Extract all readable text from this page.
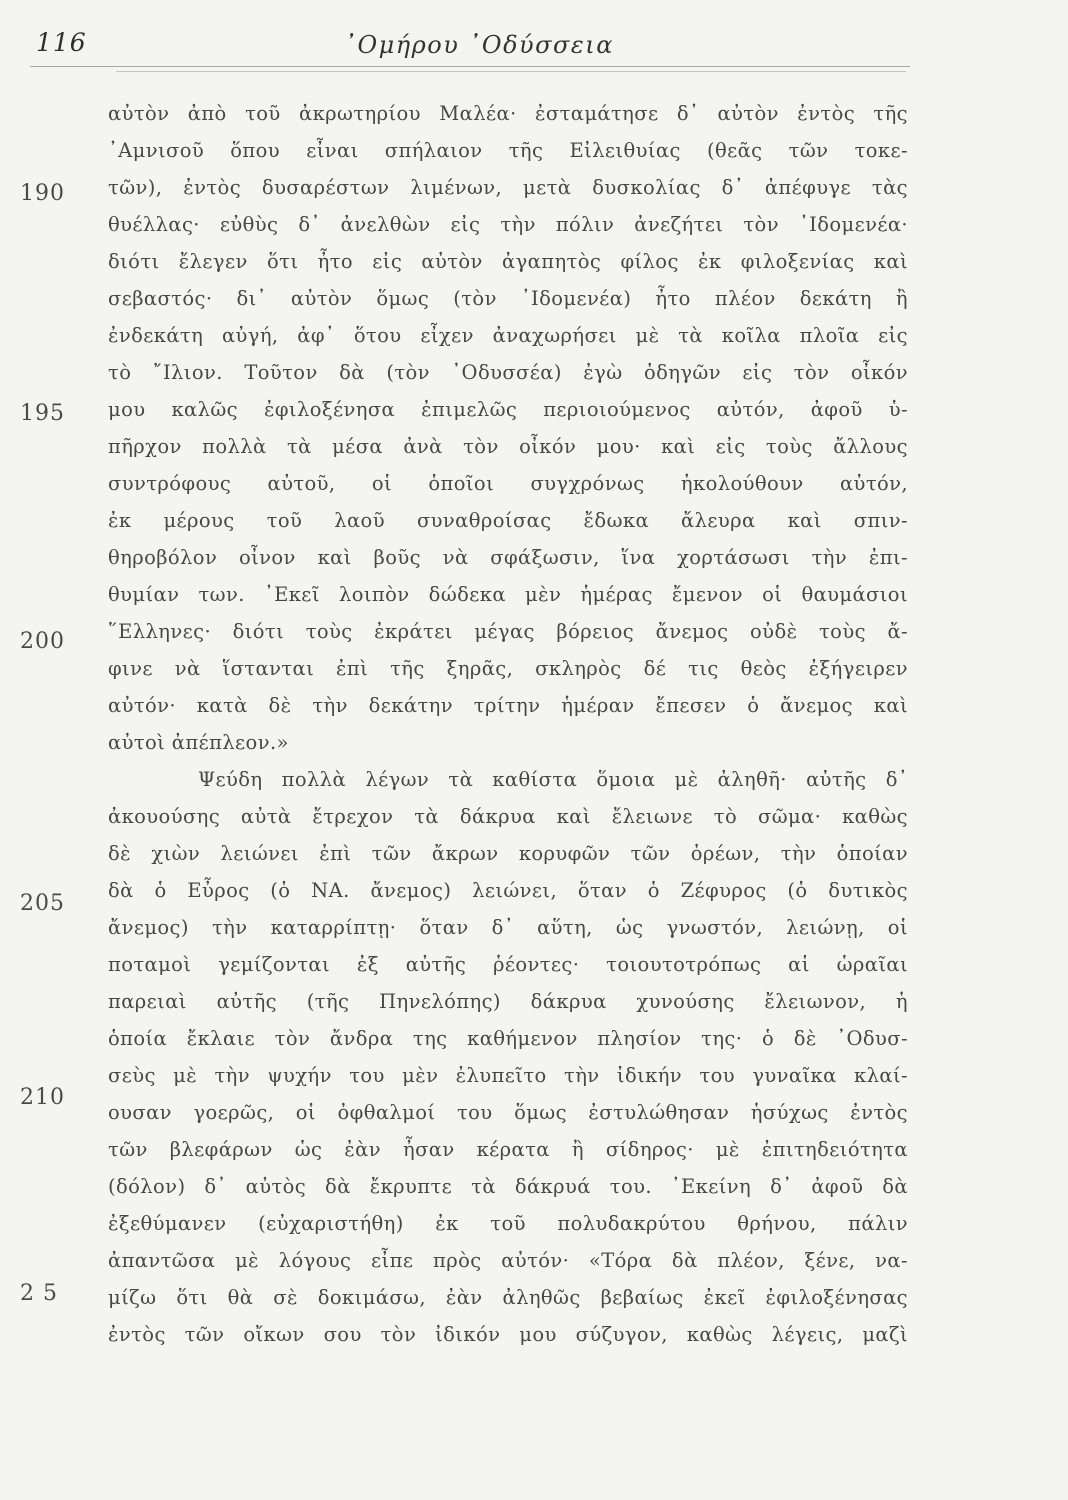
116	᾿Ομήρου ᾿Οδύσσεια
190
195
200
205
210
2 5
αὐτὸν ἀπὸ τοῦ ἀκρωτηρίου Μαλέα· ἐσταμάτησε δ᾿ αὐτὸν ἐντὸς τῆς
᾿Αμνισοῦ ὅπου εἶναι σπήλαιον τῆς Εἰλειθυίας (θεᾶς τῶν τοκε-
τῶν), ἐντὸς δυσαρέστων λιμένων, μετὰ δυσκολίας δ᾿ ἀπέφυγε τὰς
θυέλλας· εὐθὺς δ᾿ ἀνελθὼν εἰς τὴν πόλιν ἀνεζήτει τὸν ᾿Ιδομενέα·
διότι ἔλεγεν ὅτι ἦτο εἰς αὐτὸν ἀγαπητὸς φίλος ἐκ φιλοξενίας καὶ
σεβαστός· δι᾿ αὐτὸν ὅμως (τὸν ᾿Ιδομενέα) ἦτο πλέον δεκάτη ἢ
ἐνδεκάτη αὐγή, ἀφ᾿ ὅτου εἶχεν ἀναχωρήσει μὲ τὰ κοῖλα πλοῖα εἰς
τὸ ῎Ιλιον. Τοῦτον δὰ (τὸν ᾿Οδυσσέα) ἐγὼ ὁδηγῶν εἰς τὸν οἶκόν
μου καλῶς ἐφιλοξένησα ἐπιμελῶς περιοιούμενος αὐτόν, ἀφοῦ ὑ-
πῆρχον πολλὰ τὰ μέσα ἀνὰ τὸν οἶκόν μου· καὶ εἰς τοὺς ἄλλους
συντρόφους αὐτοῦ, οἱ ὁποῖοι συγχρόνως ἠκολούθουν αὐτόν,
ἐκ μέρους τοῦ λαοῦ συναθροίσας ἔδωκα ἄλευρα καὶ σπιν-
θηροβόλον οἶνον καὶ βοῦς νὰ σφάξωσιν, ἵνα χορτάσωσι τὴν ἐπι-
θυμίαν των. ᾿Εκεῖ λοιπὸν δώδεκα μὲν ἡμέρας ἔμενον οἱ θαυμάσιοι
῞Ελληνες· διότι τοὺς ἐκράτει μέγας βόρειος ἄνεμος οὐδὲ τοὺς ἄ-
φινε νὰ ἵστανται ἐπὶ τῆς ξηρᾶς, σκληρὸς δέ τις θεὸς ἐξήγειρεν
αὐτόν· κατὰ δὲ τὴν δεκάτην τρίτην ἡμέραν ἔπεσεν ὁ ἄνεμος καὶ
αὐτοὶ ἀπέπλεον.»
Ψεύδη πολλὰ λέγων τὰ καθίστα ὅμοια μὲ ἀληθῆ· αὐτῆς δ᾿
ἀκουούσης αὐτὰ ἔτρεχον τὰ δάκρυα καὶ ἔλειωνε τὸ σῶμα· καθὼς
δὲ χιὼν λειώνει ἐπὶ τῶν ἄκρων κορυφῶν τῶν ὀρέων, τὴν ὁποίαν
δὰ ὁ Εὖρος (ὁ ΝΑ. ἄνεμος) λειώνει, ὅταν ὁ Ζέφυρος (ὁ δυτικὸς
ἄνεμος) τὴν καταρρίπτῃ· ὅταν δ᾿ αὕτη, ὡς γνωστόν, λειώνῃ, οἱ
ποταμοὶ γεμίζονται ἐξ αὐτῆς ῥέοντες· τοιουτοτρόπως αἱ ὡραῖαι
παρειαὶ αὐτῆς (τῆς Πηνελόπης) δάκρυα χυνούσης ἔλειωνον, ἡ
ὁποία ἔκλαιε τὸν ἄνδρα της καθήμενον πλησίον της· ὁ δὲ ᾿Οδυσ-
σεὺς μὲ τὴν ψυχήν του μὲν ἐλυπεῖτο τὴν ἰδικήν του γυναῖκα κλαί-
ουσαν γοερῶς, οἱ ὀφθαλμοί του ὅμως ἐστυλώθησαν ἡσύχως ἐντὸς
τῶν βλεφάρων ὡς ἐὰν ἦσαν κέρατα ἢ σίδηρος· μὲ ἐπιτηδειότητα
(δόλον) δ᾿ αὐτὸς δὰ ἔκρυπτε τὰ δάκρυά του. ᾿Εκείνη δ᾿ ἀφοῦ δὰ
ἐξεθύμανεν (εὐχαριστήθη) ἐκ τοῦ πολυδακρύτου θρήνου, πάλιν
ἀπαντῶσα μὲ λόγους εἶπε πρὸς αὐτόν· «Τόρα δὰ πλέον, ξένε, να-
μίζω ὅτι θὰ σὲ δοκιμάσω, ἐὰν ἀληθῶς βεβαίως ἐκεῖ ἐφιλοξένησας
ἐντὸς τῶν οἴκων σου τὸν ἰδικόν μου σύζυγον, καθὼς λέγεις, μαζὶ
